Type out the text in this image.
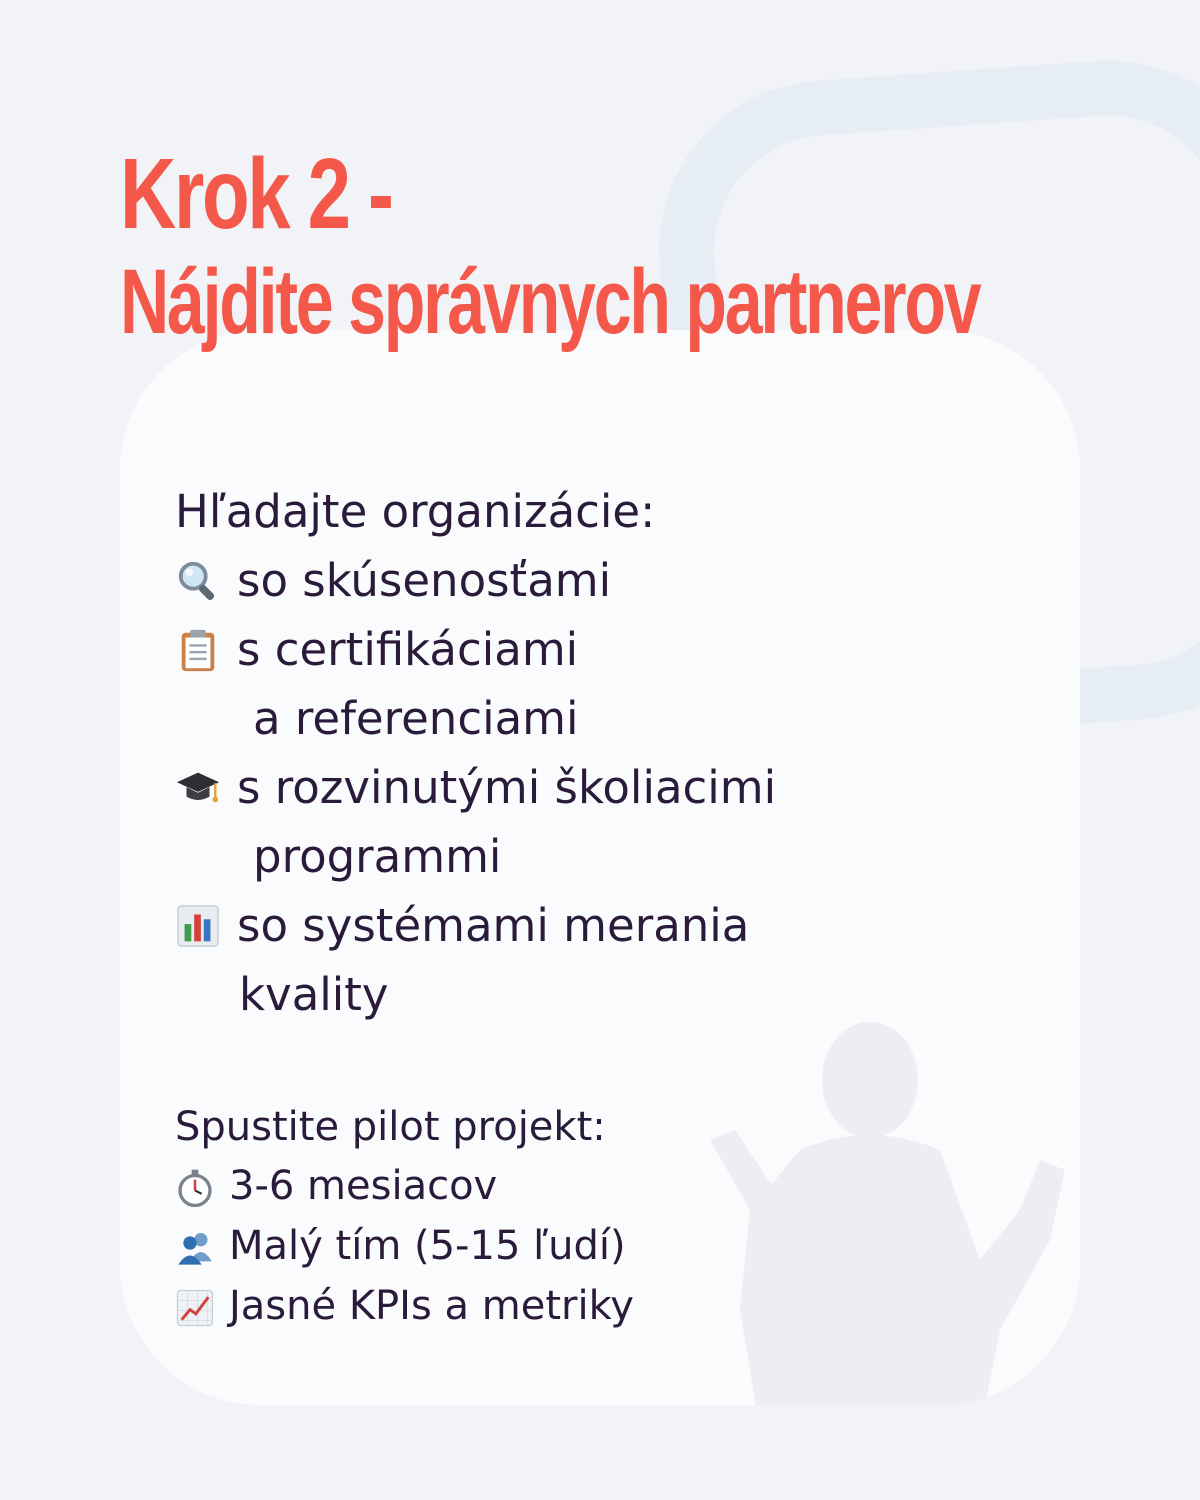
Krok 2 -
Nájdite správnych partnerov

Hľadajte organizácie:

so skúsenosťami
s certifikáciami
a referenciami
s rozvinutými školiacimi
programmi
so systémami merania
kvality

Spustite pilot projekt:

3-6 mesiacov
Malý tím (5-15 ľudí)
Jasné KPIs a metriky
